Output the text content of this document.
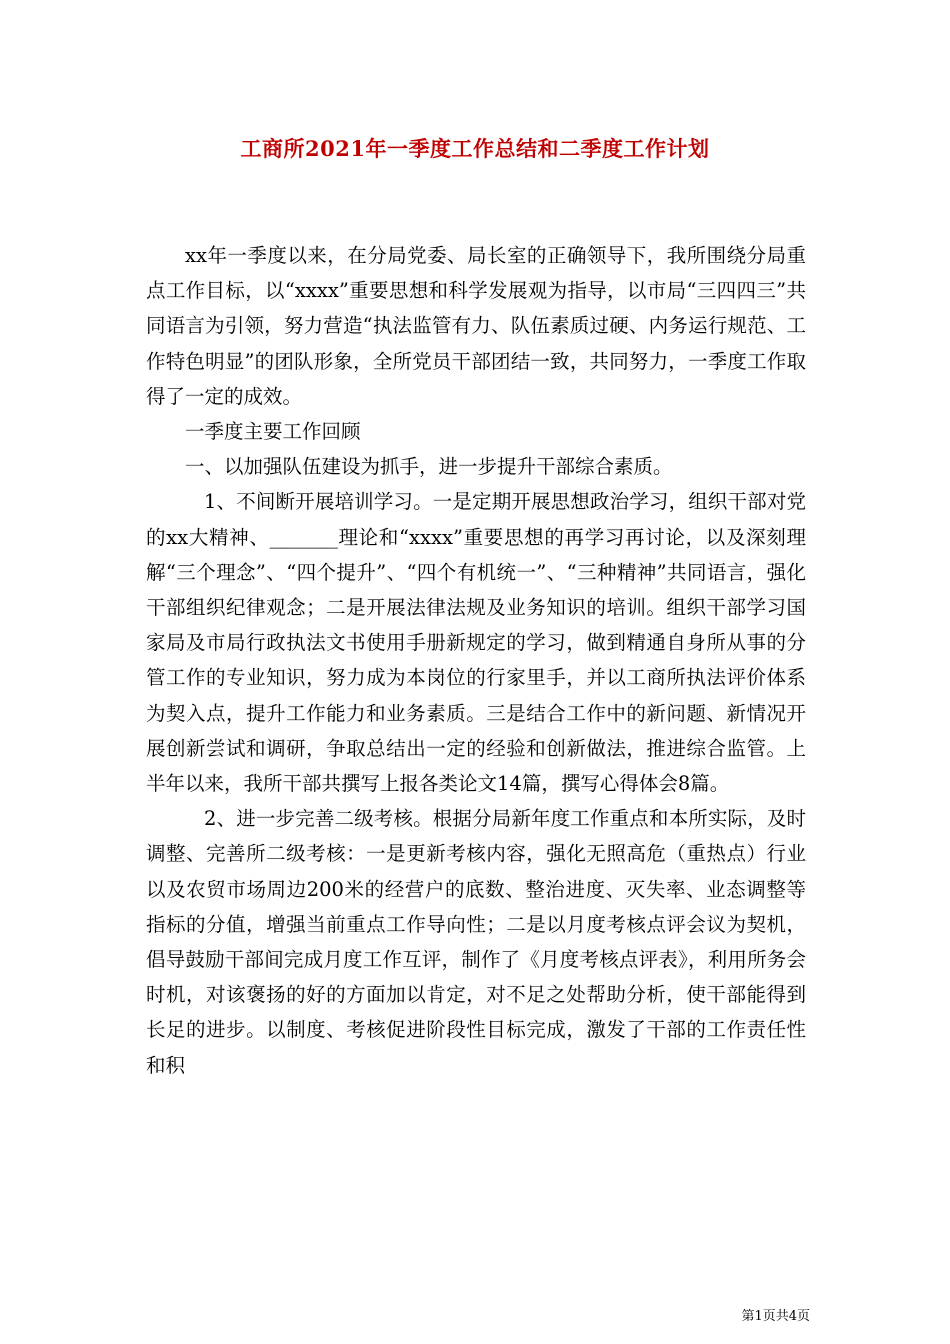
工商所2021年一季度工作总结和二季度工作计划

xx年一季度以来，在分局党委、局长室的正确领导下，我所围绕分局重点工作目标，以“xxxx”重要思想和科学发展观为指导，以市局“三四四三”共同语言为引领，努力营造“执法监管有力、队伍素质过硬、内务运行规范、工作特色明显”的团队形象，全所党员干部团结一致，共同努力，一季度工作取得了一定的成效。

一季度主要工作回顾

一、以加强队伍建设为抓手，进一步提升干部综合素质。

1、不间断开展培训学习。一是定期开展思想政治学习，组织干部对党的xx大精神、_______理论和“xxxx”重要思想的再学习再讨论，以及深刻理解“三个理念”、“四个提升”、“四个有机统一”、“三种精神”共同语言，强化干部组织纪律观念；二是开展法律法规及业务知识的培训。组织干部学习国家局及市局行政执法文书使用手册新规定的学习，做到精通自身所从事的分管工作的专业知识，努力成为本岗位的行家里手，并以工商所执法评价体系为契入点，提升工作能力和业务素质。三是结合工作中的新问题、新情况开展创新尝试和调研，争取总结出一定的经验和创新做法，推进综合监管。上半年以来，我所干部共撰写上报各类论文14篇，撰写心得体会8篇。

2、进一步完善二级考核。根据分局新年度工作重点和本所实际，及时调整、完善所二级考核：一是更新考核内容，强化无照高危（重热点）行业以及农贸市场周边200米的经营户的底数、整治进度、灭失率、业态调整等指标的分值，增强当前重点工作导向性；二是以月度考核点评会议为契机，倡导鼓励干部间完成月度工作互评，制作了《月度考核点评表》，利用所务会时机，对该褒扬的好的方面加以肯定，对不足之处帮助分析，使干部能得到长足的进步。以制度、考核促进阶段性目标完成，激发了干部的工作责任性和积

第1页共4页
